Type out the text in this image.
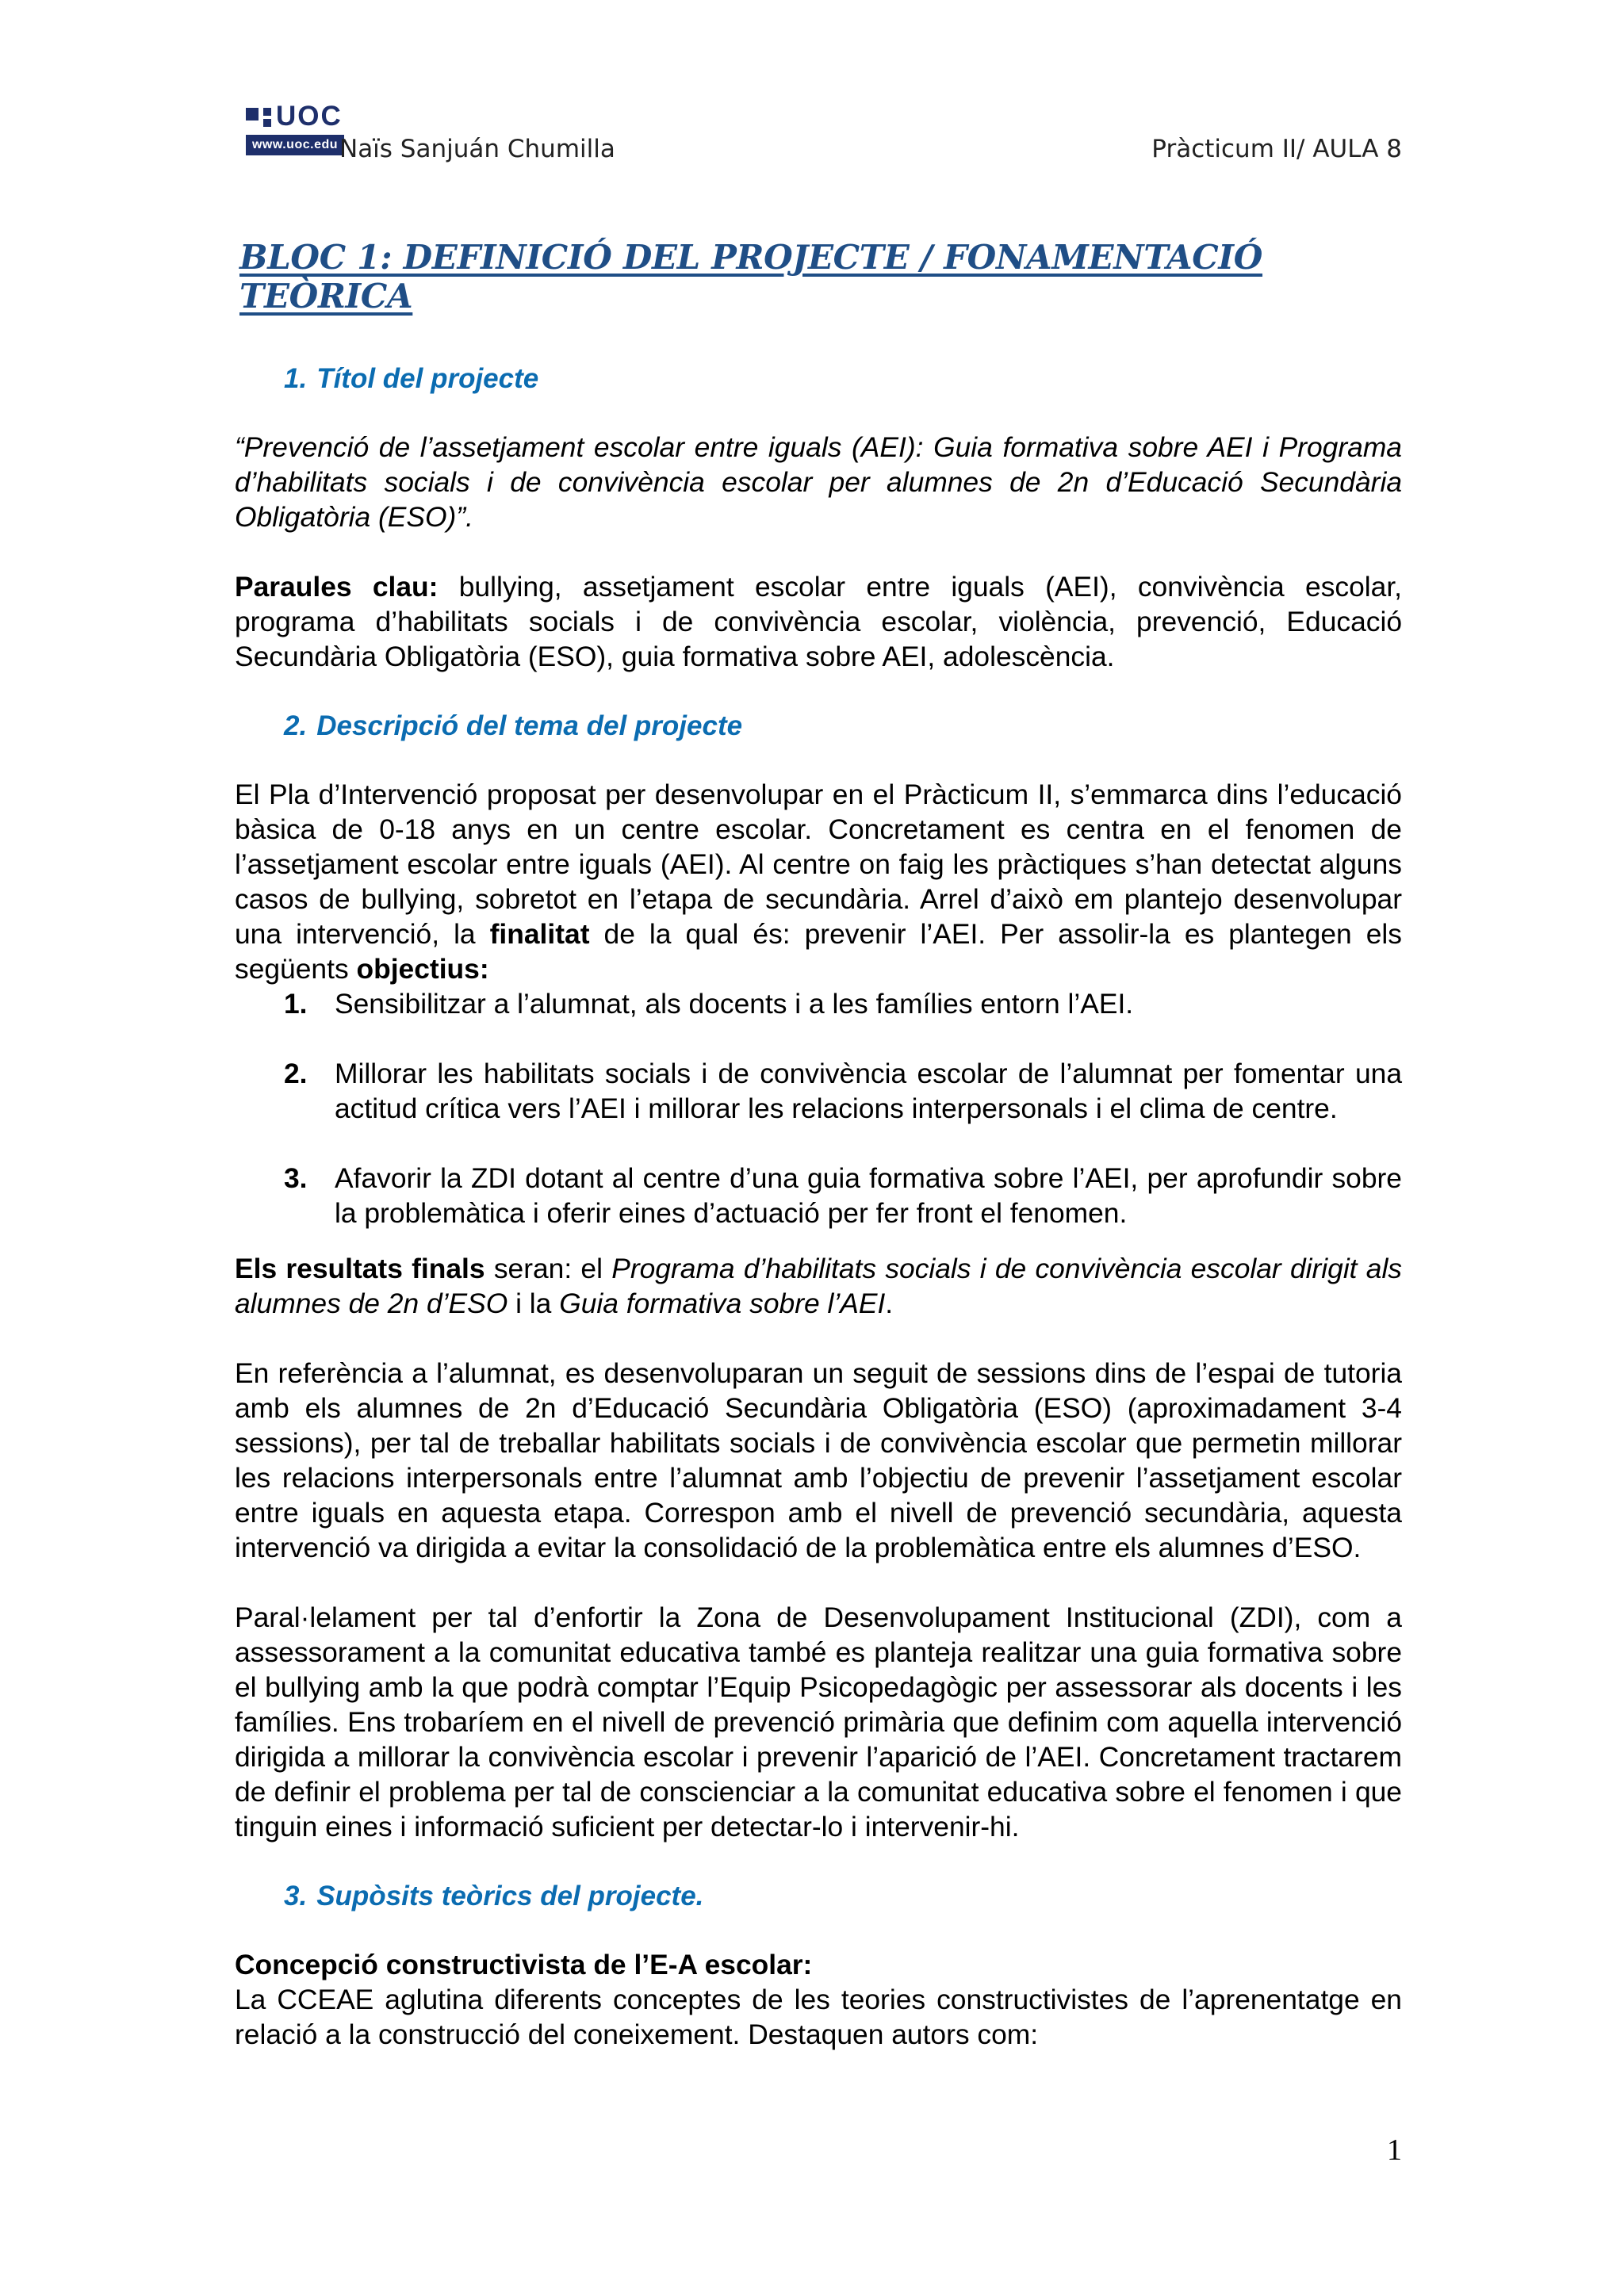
UOC
www.uoc.edu Naïs Sanjuán Chumilla	Pràcticum II/ AULA 8
BLOC 1: DEFINICIÓ DEL PROJECTE / FONAMENTACIÓ TEÒRICA
1. Títol del projecte

“Prevenció de l’assetjament escolar entre iguals (AEI): Guia formativa sobre AEI i Programa d’habilitats socials i de convivència escolar per alumnes de 2n d’Educació Secundària Obligatòria (ESO)”.

Paraules clau: bullying, assetjament escolar entre iguals (AEI), convivència escolar, programa d’habilitats socials i de convivència escolar, violència, prevenció, Educació Secundària Obligatòria (ESO), guia formativa sobre AEI, adolescència.

2. Descripció del tema del projecte

El Pla d’Intervenció proposat per desenvolupar en el Pràcticum II, s’emmarca dins l’educació bàsica de 0-18 anys en un centre escolar. Concretament es centra en el fenomen de l’assetjament escolar entre iguals (AEI). Al centre on faig les pràctiques s’han detectat alguns casos de bullying, sobretot en l’etapa de secundària. Arrel d’això em plantejo desenvolupar una intervenció, la finalitat de la qual és: prevenir l’AEI. Per assolir-la es plantegen els següents objectius:

1. Sensibilitzar a l’alumnat, als docents i a les famílies entorn l’AEI.
2. Millorar les habilitats socials i de convivència escolar de l’alumnat per fomentar una actitud crítica vers l’AEI i millorar les relacions interpersonals i el clima de centre.
3. Afavorir la ZDI dotant al centre d’una guia formativa sobre l’AEI, per aprofundir sobre la problemàtica i oferir eines d’actuació per fer front el fenomen.

Els resultats finals seran: el Programa d’habilitats socials i de convivència escolar dirigit als alumnes de 2n d’ESO i la Guia formativa sobre l’AEI.

En referència a l’alumnat, es desenvoluparan un seguit de sessions dins de l’espai de tutoria amb els alumnes de 2n d’Educació Secundària Obligatòria (ESO) (aproximadament 3-4 sessions), per tal de treballar habilitats socials i de convivència escolar que permetin millorar les relacions interpersonals entre l’alumnat amb l’objectiu de prevenir l’assetjament escolar entre iguals en aquesta etapa. Correspon amb el nivell de prevenció secundària, aquesta intervenció va dirigida a evitar la consolidació de la problemàtica entre els alumnes d’ESO.

Paral·lelament per tal d’enfortir la Zona de Desenvolupament Institucional (ZDI), com a assessorament a la comunitat educativa també es planteja realitzar una guia formativa sobre el bullying amb la que podrà comptar l’Equip Psicopedagògic per assessorar als docents i les famílies. Ens trobaríem en el nivell de prevenció primària que definim com aquella intervenció dirigida a millorar la convivència escolar i prevenir l’aparició de l’AEI. Concretament tractarem de definir el problema per tal de conscienciar a la comunitat educativa sobre el fenomen i que tinguin eines i informació suficient per detectar-lo i intervenir-hi.

3. Supòsits teòrics del projecte.

Concepció constructivista de l’E-A escolar:

La CCEAE aglutina diferents conceptes de les teories constructivistes de l’aprenentatge en relació a la construcció del coneixement. Destaquen autors com:

1
